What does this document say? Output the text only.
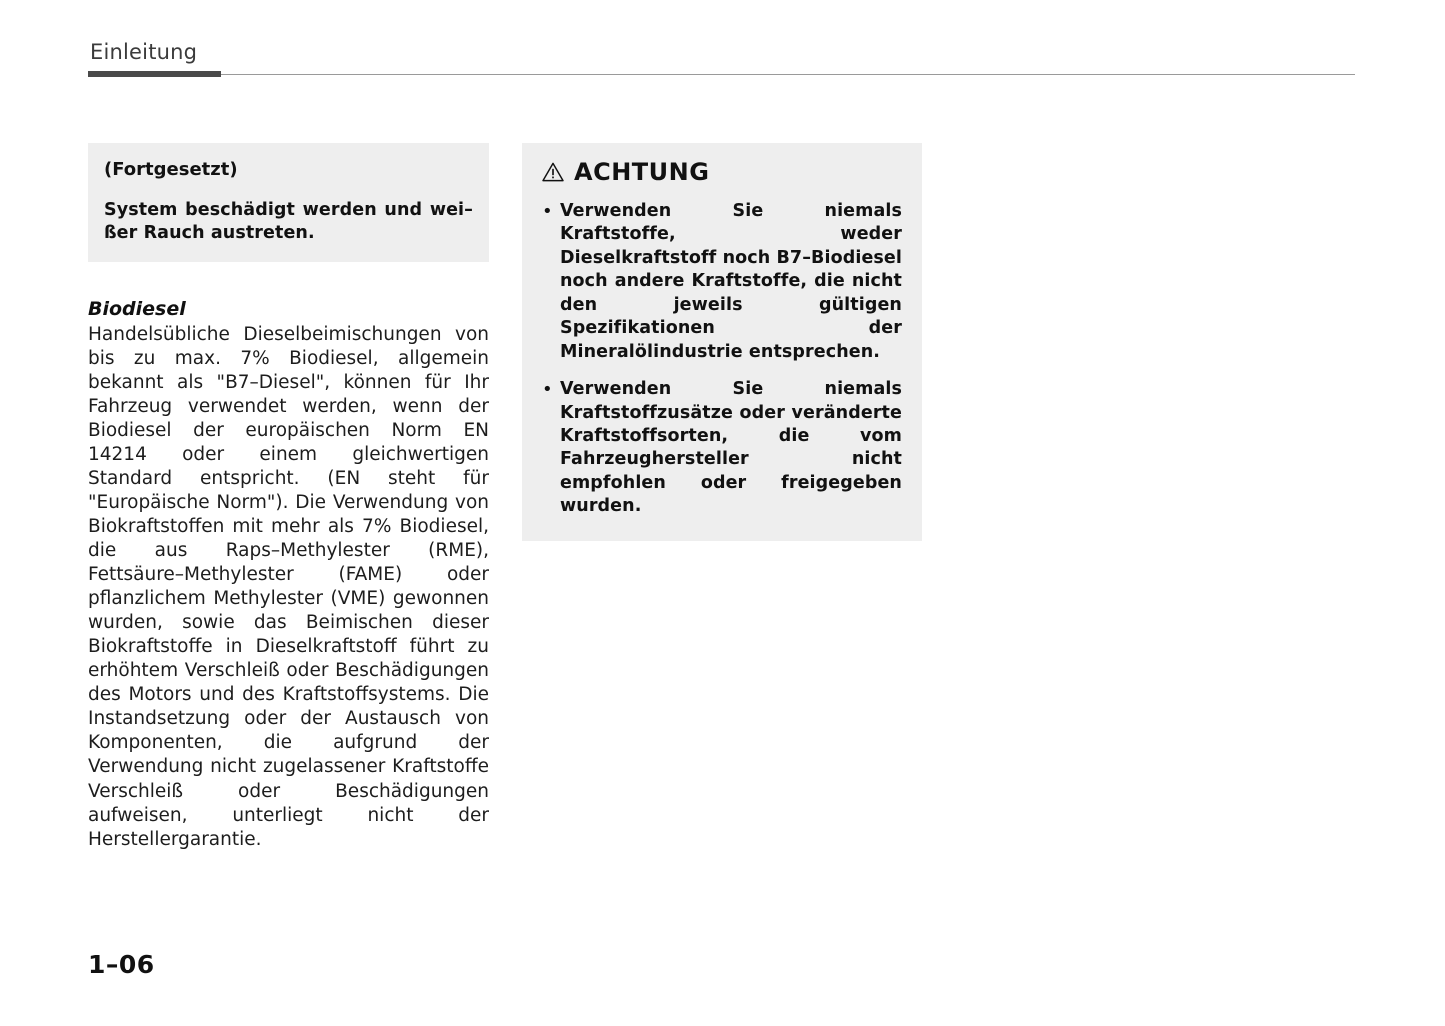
Einleitung

(Fortgesetzt)

System beschädigt werden und wei–ßer Rauch austreten.

Biodiesel

Handelsübliche Dieselbeimischungen von bis zu max. 7% Biodiesel, allgemein bekannt als "B7–Diesel", können für Ihr Fahrzeug verwendet werden, wenn der Biodiesel der europäischen Norm EN 14214 oder einem gleichwertigen Standard entspricht. (EN steht für "Europäische Norm"). Die Verwendung von Biokraftstoffen mit mehr als 7% Biodiesel, die aus Raps–Methylester (RME), Fettsäure–Methylester (FAME) oder pflanzlichem Methylester (VME) gewonnen wurden, sowie das Beimischen dieser Biokraftstoffe in Dieselkraftstoff führt zu erhöhtem Verschleiß oder Beschädigungen des Motors und des Kraftstoffsystems. Die Instandsetzung oder der Austausch von Komponenten, die aufgrund der Verwendung nicht zugelassener Kraftstoffe Verschleiß oder Beschädigungen aufweisen, unterliegt nicht der Herstellergarantie.

ACHTUNG
• Verwenden Sie niemals Kraftstoffe, weder Dieselkraftstoff noch B7–Biodiesel noch andere Kraftstoffe, die nicht den jeweils gültigen Spezifikationen der Mineralölindustrie entsprechen.
• Verwenden Sie niemals Kraftstoffzusätze oder veränderte Kraftstoffsorten, die vom Fahrzeughersteller nicht empfohlen oder freigegeben wurden.
1–06
